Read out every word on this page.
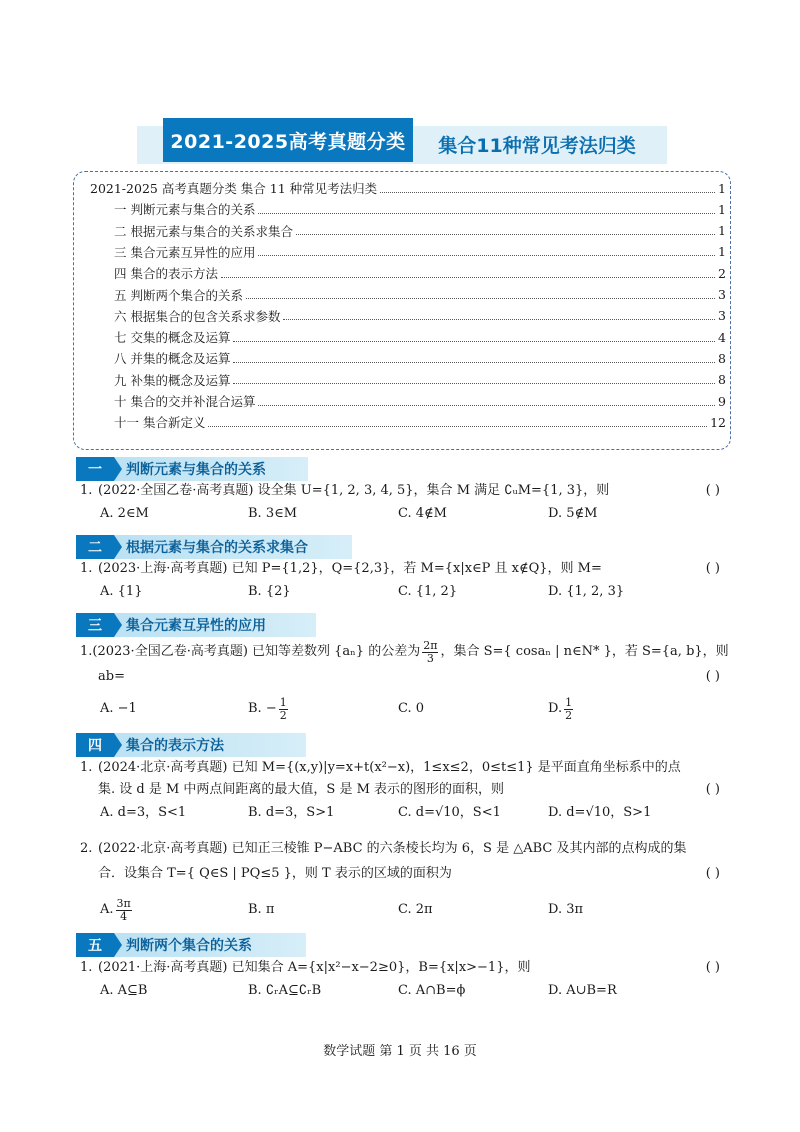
2021-2025高考真题分类	集合11种常见考法归类
2021-2025 高考真题分类 集合 11 种常见考法归类	1
一 判断元素与集合的关系	1
二 根据元素与集合的关系求集合	1
三 集合元素互异性的应用	1
四 集合的表示方法	2
五 判断两个集合的关系	3
六 根据集合的包含关系求参数	3
七 交集的概念及运算	4
八 并集的概念及运算	8
九 补集的概念及运算	8
十 集合的交并补混合运算	9
十一 集合新定义	12
一	判断元素与集合的关系
1. (2022·全国乙卷·高考真题) 设全集 U={1, 2, 3, 4, 5}，集合 M 满足 ∁ᵤM={1, 3}，则	( )
A. 2∈M	B. 3∈M	C. 4∉M	D. 5∉M
二	根据元素与集合的关系求集合
1. (2023·上海·高考真题) 已知 P={1,2}，Q={2,3}，若 M={x|x∈P 且 x∉Q}，则 M=	( )
A. {1}	B. {2}	C. {1, 2}	D. {1, 2, 3}
三	集合元素互异性的应用
1. (2023·全国乙卷·高考真题) 已知等差数列 {aₙ} 的公差为 $\frac{2\pi}{3}$ ，集合 S={ cosaₙ | n∈N* }，若 S={a, b}，则
ab=	( )
A. −1	B. − $\frac{1}{2}$	C. 0	D. $\frac{1}{2}$
四	集合的表示方法
1. (2024·北京·高考真题) 已知 M={(x,y)|y=x+t(x²−x)，1≤x≤2，0≤t≤1} 是平面直角坐标系中的点
集. 设 d 是 M 中两点间距离的最大值，S 是 M 表示的图形的面积，则	( )
A. d=3，S<1	B. d=3，S>1	C. d=√10，S<1	D. d=√10，S>1
2. (2022·北京·高考真题) 已知正三棱锥 P−ABC 的六条棱长均为 6，S 是 △ABC 及其内部的点构成的集
合．设集合 T={ Q∈S | PQ≤5 }，则 T 表示的区域的面积为	( )
A. $\frac{3\pi}{4}$	B. π	C. 2π	D. 3π
五	判断两个集合的关系
1. (2021·上海·高考真题) 已知集合 A={x|x²−x−2≥0}，B={x|x>−1}，则	( )
A. A⊆B	B. ∁ᵣA⊆∁ᵣB	C. A∩B=ϕ	D. A∪B=R
数学试题 第 1 页 共 16 页
